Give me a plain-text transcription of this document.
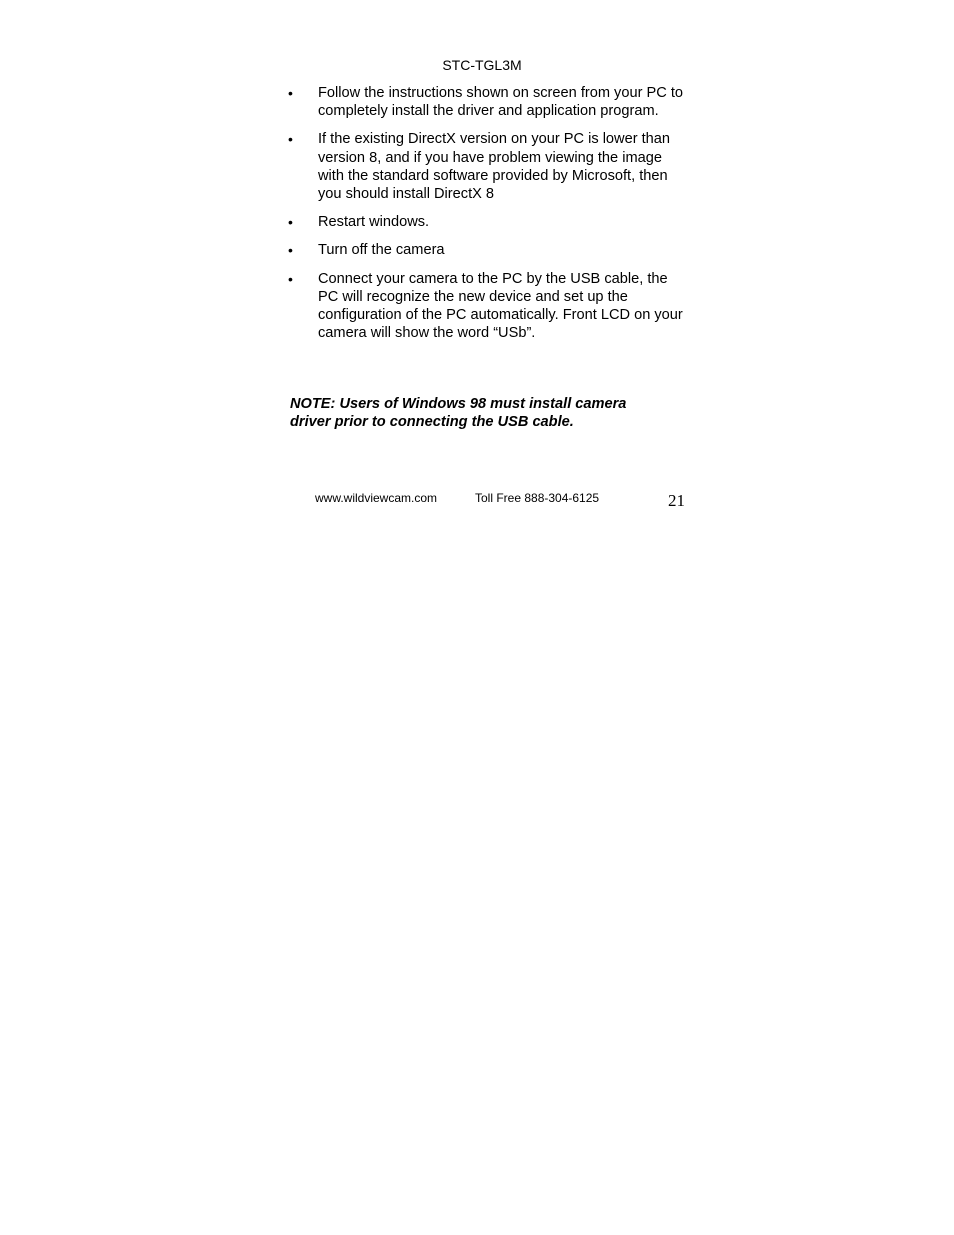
STC-TGL3M
•	Follow the instructions shown on screen from your PC to completely install the driver and application program.
•	If the existing DirectX version on your PC is lower than version 8, and if you have problem viewing the image with the standard software provided by Microsoft, then you should install DirectX 8
•	Restart windows.
•	Turn off the camera
•	Connect your camera to the PC by the USB cable, the PC will recognize the new device and set up the configuration of the PC automatically. Front LCD on your camera will show the word “USb”.
NOTE: Users of Windows 98 must install camera driver prior to connecting the USB cable.
www.wildviewcam.com	Toll Free 888-304-6125	21
